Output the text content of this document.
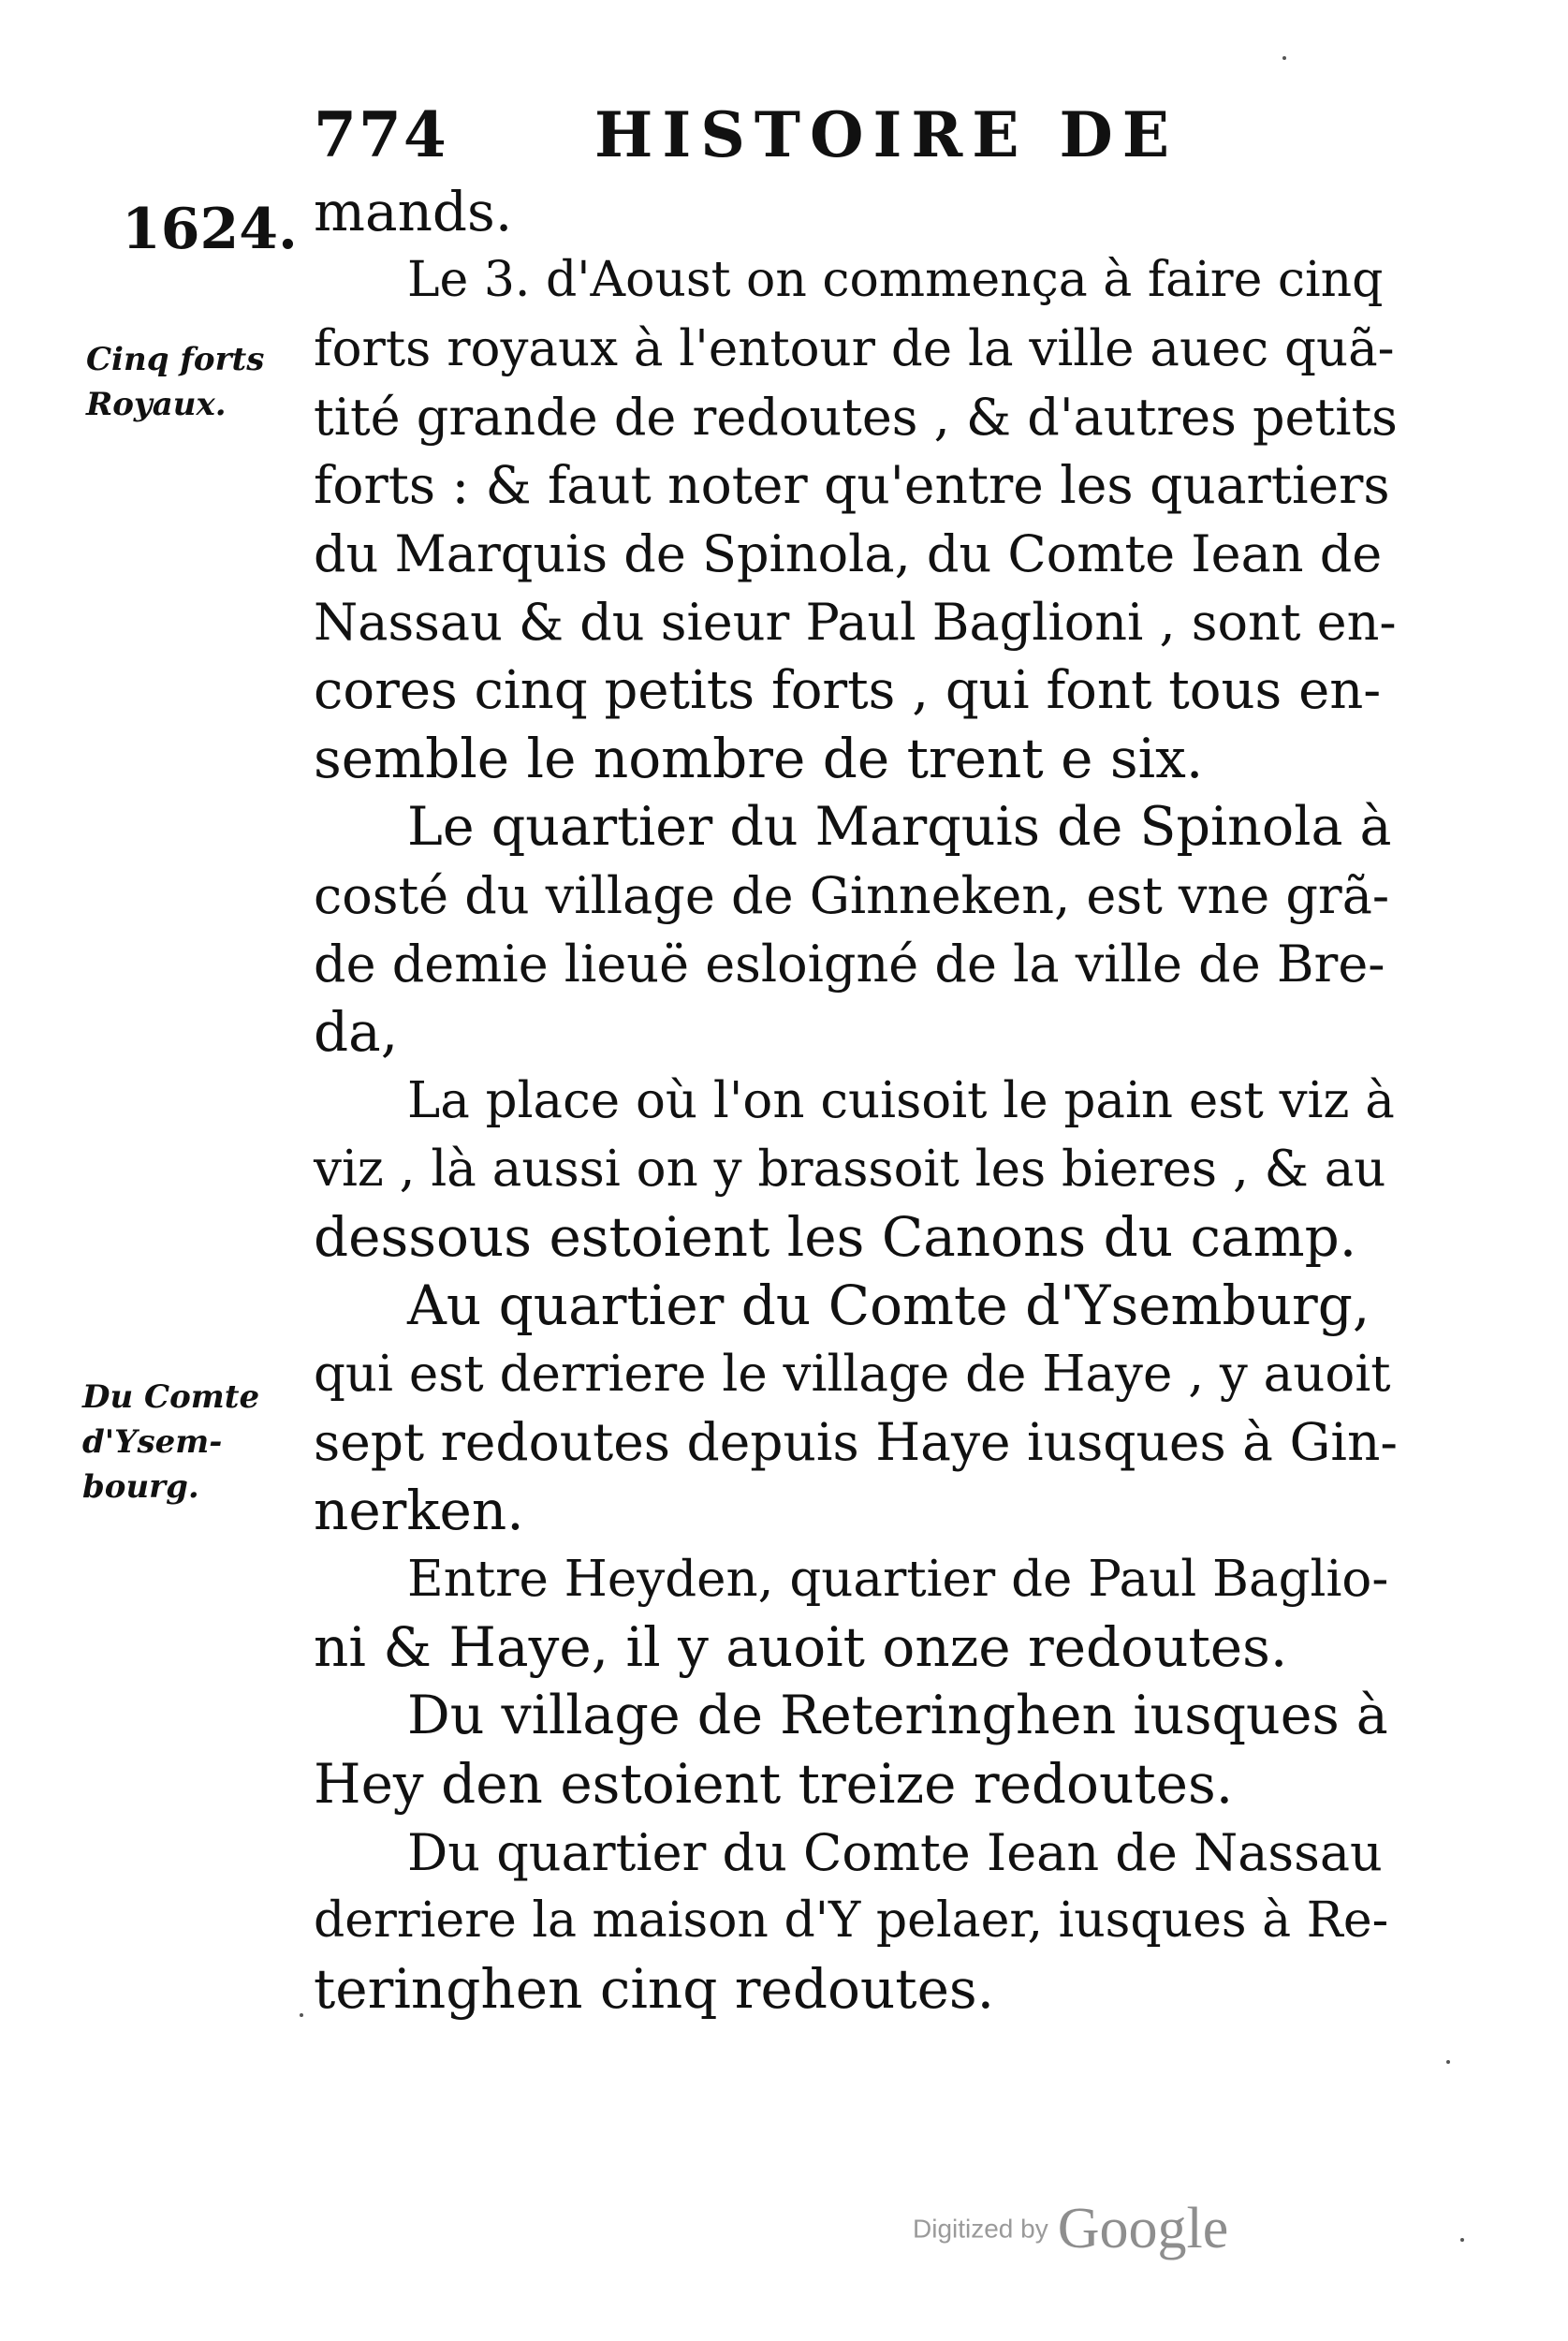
774 HISTOIRE DE
1624. mands.
Le 3. d'Aoust on commença à faire cinq
forts royaux à l'entour de la ville auec quã-
tité grande de redoutes , & d'autres petits
forts : & faut noter qu'entre les quartiers
du Marquis de Spinola, du Comte Iean de
Nassau & du sieur Paul Baglioni , sont en-
cores cinq petits forts , qui font tous en-
semble le nombre de trent e six.
Le quartier du Marquis de Spinola à
costé du village de Ginneken, est vne grã-
de demie lieuë esloigné de la ville de Bre-
da,
La place où l'on cuisoit le pain est viz à
viz , là aussi on y brassoit les bieres , & au
dessous estoient les Canons du camp.
Au quartier du Comte d'Ysemburg,
qui est derriere le village de Haye , y auoit
sept redoutes depuis Haye iusques à Gin-
nerken.
Entre Heyden, quartier de Paul Baglio-
ni & Haye, il y auoit onze redoutes.
Du village de Reteringhen iusques à
Hey den estoient treize redoutes.
Du quartier du Comte Iean de Nassau
derriere la maison d'Y pelaer, iusques à Re-
teringhen cinq redoutes.
Cinq forts
Royaux.
Du Comte
d'Ysem-
bourg.
Digitized by Google
